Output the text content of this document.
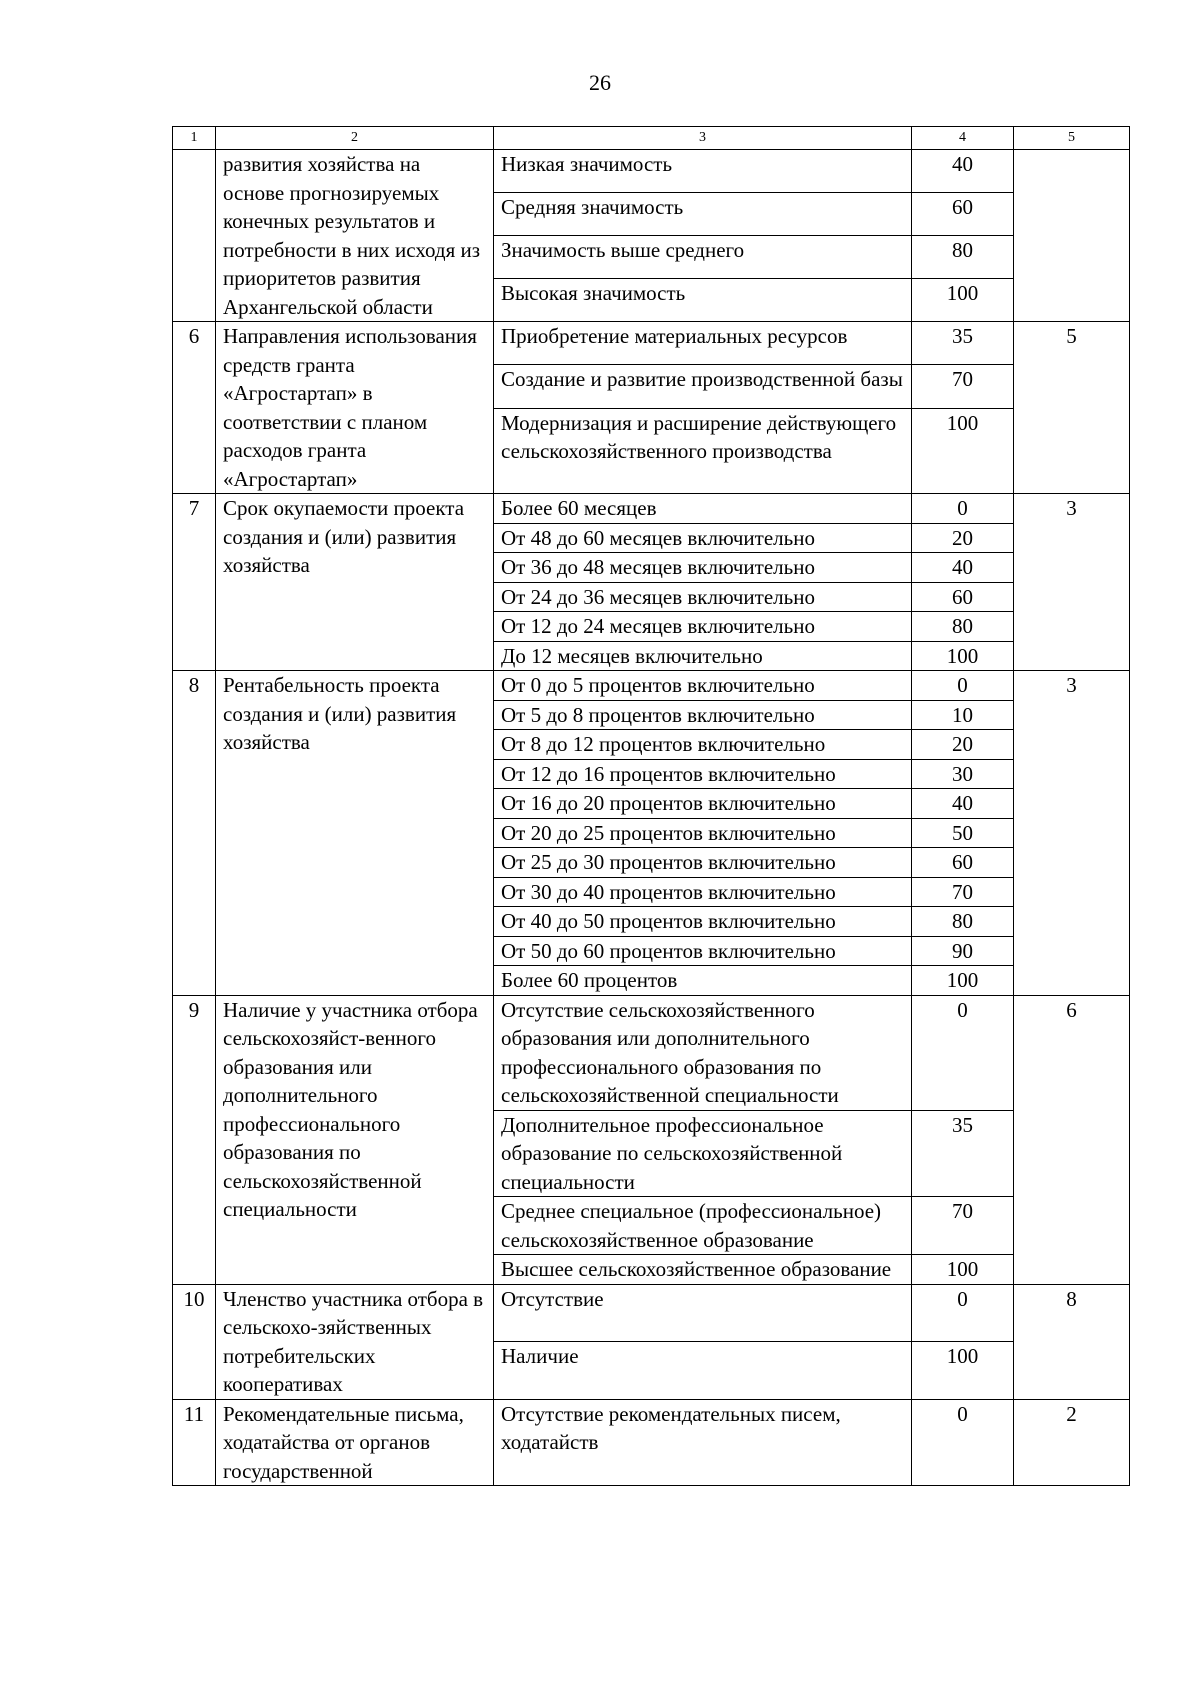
26
1	2	3	4	5
	развития хозяйства на основе прогнозируемых конечных результатов и потребности в них исходя из приоритетов развития Архангельской области	Низкая значимость	40	
		Средняя значимость	60	
		Значимость выше среднего	80	
		Высокая значимость	100	
6	Направления использования средств гранта «Агростартап» в соответствии с планом расходов гранта «Агростартап»	Приобретение материальных ресурсов	35	5
		Создание и развитие производственной базы	70	
		Модернизация и расширение действующего сельскохозяйственного производства	100	
7	Срок окупаемости проекта создания и (или) развития хозяйства	Более 60 месяцев	0	3
		От 48 до 60 месяцев включительно	20	
		От 36 до 48 месяцев включительно	40	
		От 24 до 36 месяцев включительно	60	
		От 12 до 24 месяцев включительно	80	
		До 12 месяцев включительно	100	
8	Рентабельность проекта создания и (или) развития хозяйства	От 0 до 5 процентов включительно	0	3
		От 5 до 8 процентов включительно	10	
		От 8 до 12 процентов включительно	20	
		От 12 до 16 процентов включительно	30	
		От 16 до 20 процентов включительно	40	
		От 20 до 25 процентов включительно	50	
		От 25 до 30 процентов включительно	60	
		От 30 до 40 процентов включительно	70	
		От 40 до 50 процентов включительно	80	
		От 50 до 60 процентов включительно	90	
		Более 60 процентов	100	
9	Наличие у участника отбора сельскохозяйст-венного образования или дополнительного профессионального образования по сельскохозяйственной специальности	Отсутствие сельскохозяйственного образования или дополнительного профессионального образования по сельскохозяйственной специальности	0	6
		Дополнительное профессиональное образование по сельскохозяйственной специальности	35	
		Среднее специальное (профессиональное) сельскохозяйственное образование	70	
		Высшее сельскохозяйственное образование	100	
10	Членство участника отбора в сельскохо-зяйственных потребительских кооперативах	Отсутствие	0	8
		Наличие	100	
11	Рекомендательные письма, ходатайства от органов государственной	Отсутствие рекомендательных писем, ходатайств	0	2
